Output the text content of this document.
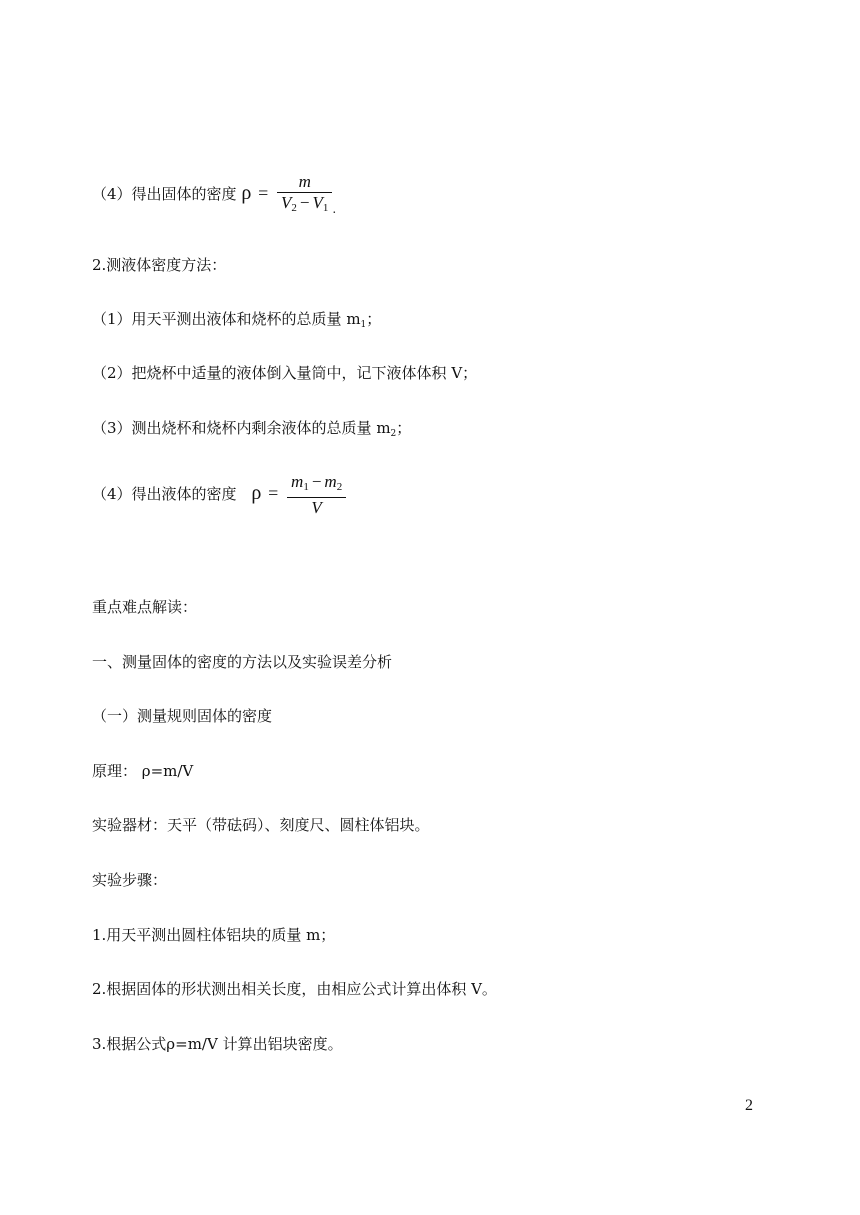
（4）得出固体的密度 $\rho = \frac{m}{V2 - V1} _.$
2.测液体密度方法：
（1）用天平测出液体和烧杯的总质量 $m_1$；
（2）把烧杯中适量的液体倒入量筒中，记下液体体积 V；
（3）测出烧杯和烧杯内剩余液体的总质量 $m_2$；
（4）得出液体的密度 $\rho = \frac{m1 - m2}{V}$
重点难点解读：
一、测量固体的密度的方法以及实验误差分析
（一）测量规则固体的密度
原理： ρ=m/V
实验器材：天平（带砝码）、刻度尺、圆柱体铝块。
实验步骤：
1.用天平测出圆柱体铝块的质量 m；
2.根据固体的形状测出相关长度，由相应公式计算出体积 V。
3.根据公式ρ=m/V 计算出铝块密度。
2
